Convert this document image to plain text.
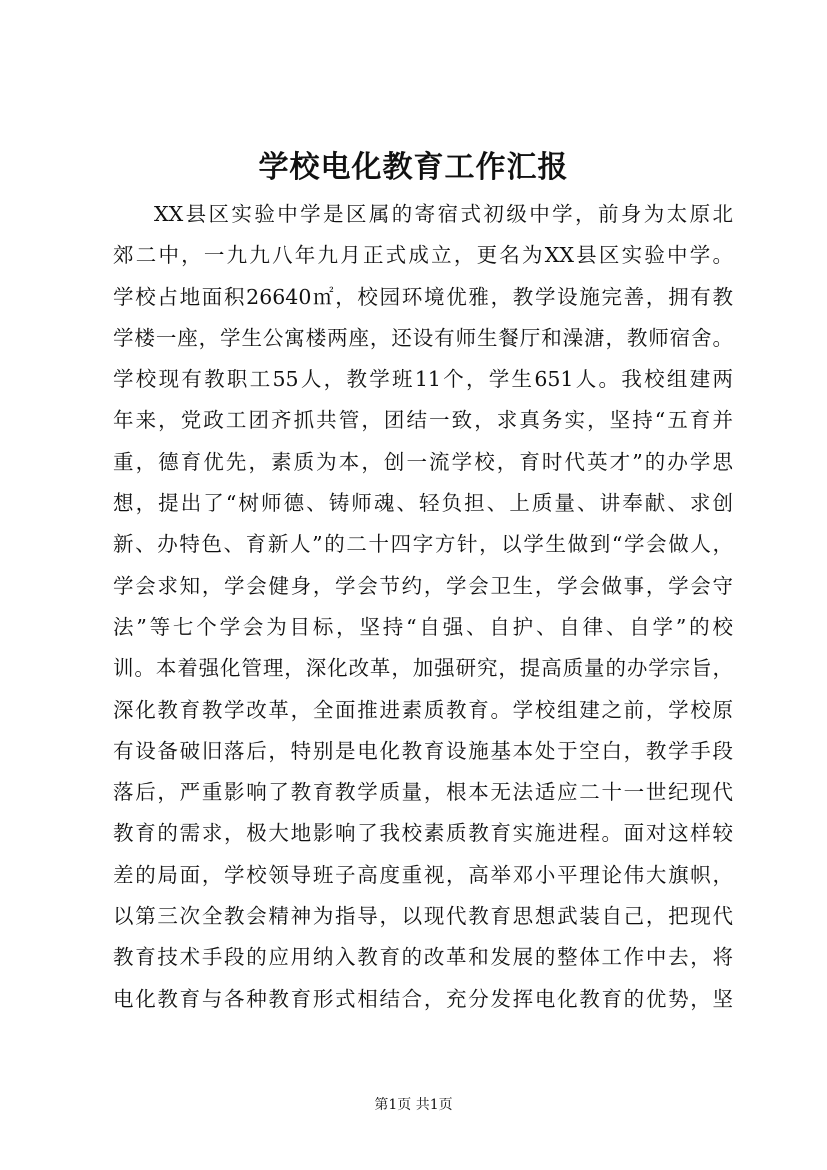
学校电化教育工作汇报
XX县区实验中学是区属的寄宿式初级中学，前身为太原北
郊二中，一九九八年九月正式成立，更名为XX县区实验中学。
学校占地面积26640㎡，校园环境优雅，教学设施完善，拥有教
学楼一座，学生公寓楼两座，还设有师生餐厅和澡溏，教师宿舍。
学校现有教职工55人，教学班11个，学生651人。我校组建两
年来，党政工团齐抓共管，团结一致，求真务实，坚持“五育并
重，德育优先，素质为本，创一流学校，育时代英才”的办学思
想，提出了“树师德、铸师魂、轻负担、上质量、讲奉献、求创
新、办特色、育新人”的二十四字方针，以学生做到“学会做人，
学会求知，学会健身，学会节约，学会卫生，学会做事，学会守
法”等七个学会为目标，坚持“自强、自护、自律、自学”的校
训。本着强化管理，深化改革，加强研究，提高质量的办学宗旨，
深化教育教学改革，全面推进素质教育。学校组建之前，学校原
有设备破旧落后，特别是电化教育设施基本处于空白，教学手段
落后，严重影响了教育教学质量，根本无法适应二十一世纪现代
教育的需求，极大地影响了我校素质教育实施进程。面对这样较
差的局面，学校领导班子高度重视，高举邓小平理论伟大旗帜，
以第三次全教会精神为指导，以现代教育思想武装自己，把现代
教育技术手段的应用纳入教育的改革和发展的整体工作中去，将
电化教育与各种教育形式相结合，充分发挥电化教育的优势，坚
第1页 共1页
